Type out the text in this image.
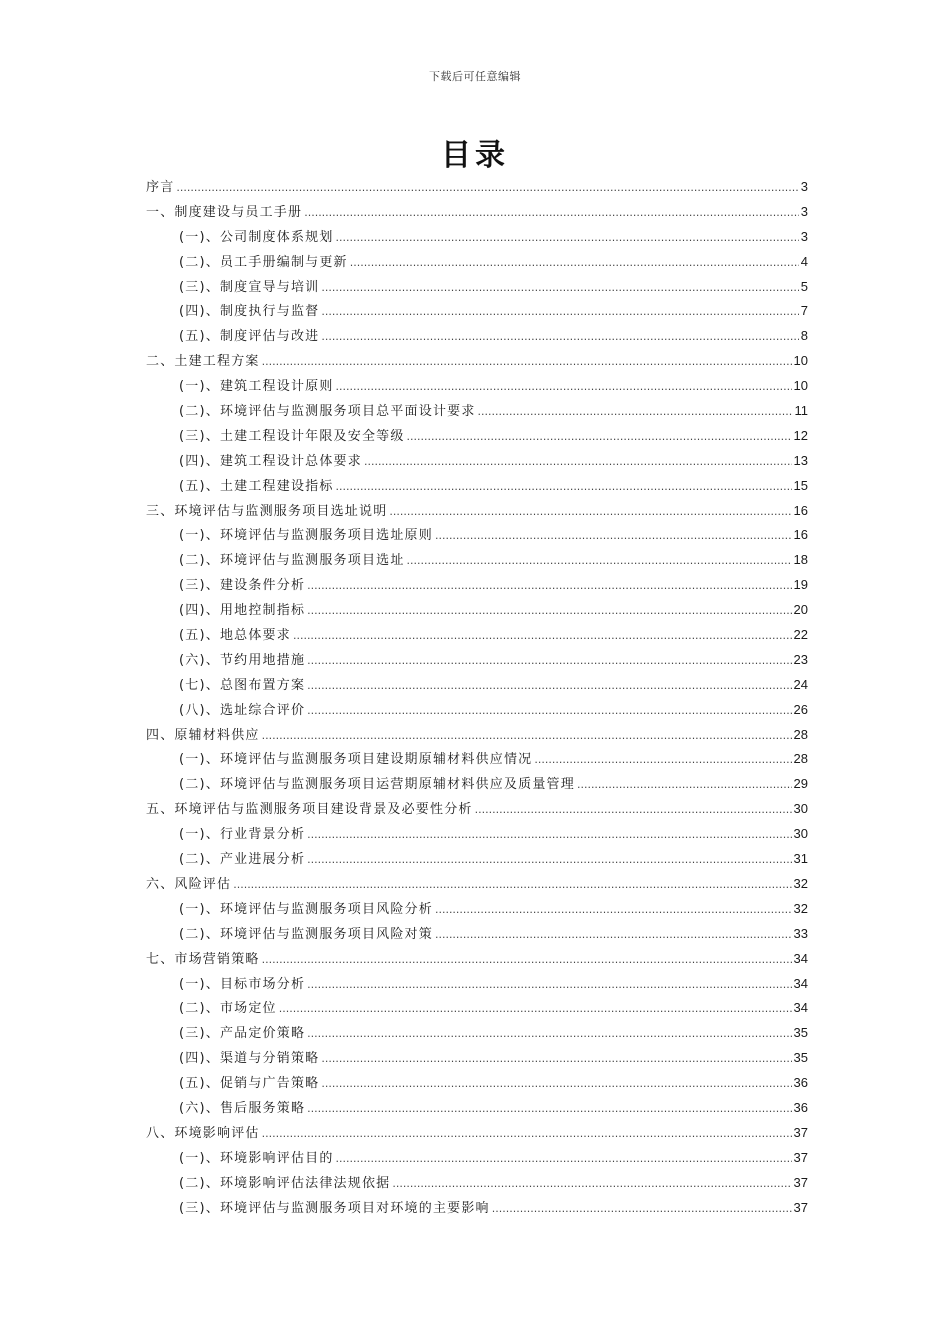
下载后可任意编辑
目录
序言 .....	3
一、制度建设与员工手册 .....	3
(一)、公司制度体系规划 .....	3
(二)、员工手册编制与更新 .....	4
(三)、制度宣导与培训 .....	5
(四)、制度执行与监督 .....	7
(五)、制度评估与改进 .....	8
二、土建工程方案 .....	10
(一)、建筑工程设计原则 .....	10
(二)、环境评估与监测服务项目总平面设计要求 .....	11
(三)、土建工程设计年限及安全等级 .....	12
(四)、建筑工程设计总体要求 .....	13
(五)、土建工程建设指标 .....	15
三、环境评估与监测服务项目选址说明 .....	16
(一)、环境评估与监测服务项目选址原则 .....	16
(二)、环境评估与监测服务项目选址 .....	18
(三)、建设条件分析 .....	19
(四)、用地控制指标 .....	20
(五)、地总体要求 .....	22
(六)、节约用地措施 .....	23
(七)、总图布置方案 .....	24
(八)、选址综合评价 .....	26
四、原辅材料供应 .....	28
(一)、环境评估与监测服务项目建设期原辅材料供应情况 .....	28
(二)、环境评估与监测服务项目运营期原辅材料供应及质量管理 .....	29
五、环境评估与监测服务项目建设背景及必要性分析 .....	30
(一)、行业背景分析 .....	30
(二)、产业进展分析 .....	31
六、风险评估 .....	32
(一)、环境评估与监测服务项目风险分析 .....	32
(二)、环境评估与监测服务项目风险对策 .....	33
七、市场营销策略 .....	34
(一)、目标市场分析 .....	34
(二)、市场定位 .....	34
(三)、产品定价策略 .....	35
(四)、渠道与分销策略 .....	35
(五)、促销与广告策略 .....	36
(六)、售后服务策略 .....	36
八、环境影响评估 .....	37
(一)、环境影响评估目的 .....	37
(二)、环境影响评估法律法规依据 .....	37
(三)、环境评估与监测服务项目对环境的主要影响 .....	37
